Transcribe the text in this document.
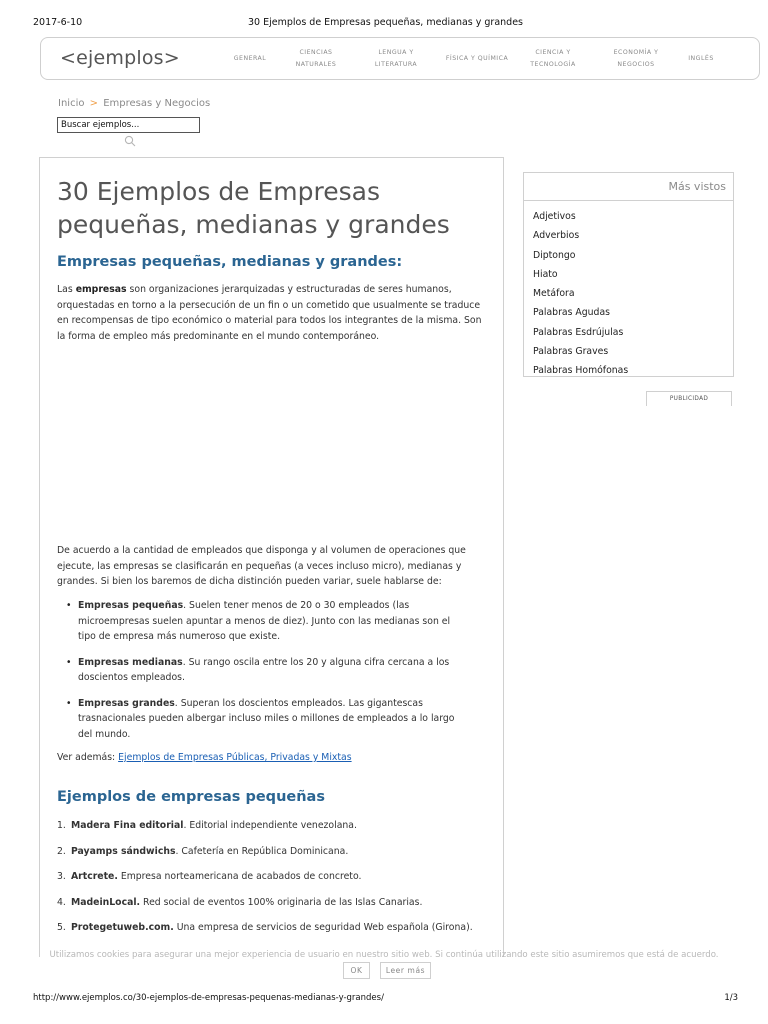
2017-6-10	30 Ejemplos de Empresas pequeñas, medianas y grandes
<ejemplos>	GENERAL
CIENCIAS
NATURALES
LENGUA Y
LITERATURA
FÍSICA Y QUÍMICA
CIENCIA Y
TECNOLOGÍA
ECONOMÍA Y
NEGOCIOS
INGLÉS
Inicio > Empresas y Negocios
Buscar ejemplos...
30 Ejemplos de Empresas pequeñas, medianas y grandes
Empresas pequeñas, medianas y grandes:

Las empresas son organizaciones jerarquizadas y estructuradas de seres humanos, orquestadas en torno a la persecución de un fin o un cometido que usualmente se traduce en recompensas de tipo económico o material para todos los integrantes de la misma. Son la forma de empleo más predominante en el mundo contemporáneo.

De acuerdo a la cantidad de empleados que disponga y al volumen de operaciones que ejecute, las empresas se clasificarán en pequeñas (a veces incluso micro), medianas y grandes. Si bien los baremos de dicha distinción pueden variar, suele hablarse de:

• Empresas pequeñas. Suelen tener menos de 20 o 30 empleados (las microempresas suelen apuntar a menos de diez). Junto con las medianas son el tipo de empresa más numeroso que existe.
• Empresas medianas. Su rango oscila entre los 20 y alguna cifra cercana a los doscientos empleados.
• Empresas grandes. Superan los doscientos empleados. Las gigantescas trasnacionales pueden albergar incluso miles o millones de empleados a lo largo del mundo.

Ver además: Ejemplos de Empresas Públicas, Privadas y Mixtas

Ejemplos de empresas pequeñas
1. Madera Fina editorial. Editorial independiente venezolana.
2. Payamps sándwichs. Cafetería en República Dominicana.
3. Artcrete. Empresa norteamericana de acabados de concreto.
4. MadeinLocal. Red social de eventos 100% originaria de las Islas Canarias.
5. Protegetuweb.com. Una empresa de servicios de seguridad Web española (Girona).
Más vistos
Adjetivos
Adverbios
Diptongo
Hiato
Metáfora
Palabras Agudas
Palabras Esdrújulas
Palabras Graves
Palabras Homófonas
PUBLICIDAD
Utilizamos cookies para asegurar una mejor experiencia de usuario en nuestro sitio web. Si continúa utilizando este sitio asumiremos que está de acuerdo.
OK	Leer más
http://www.ejemplos.co/30-ejemplos-de-empresas-pequenas-medianas-y-grandes/	1/3
